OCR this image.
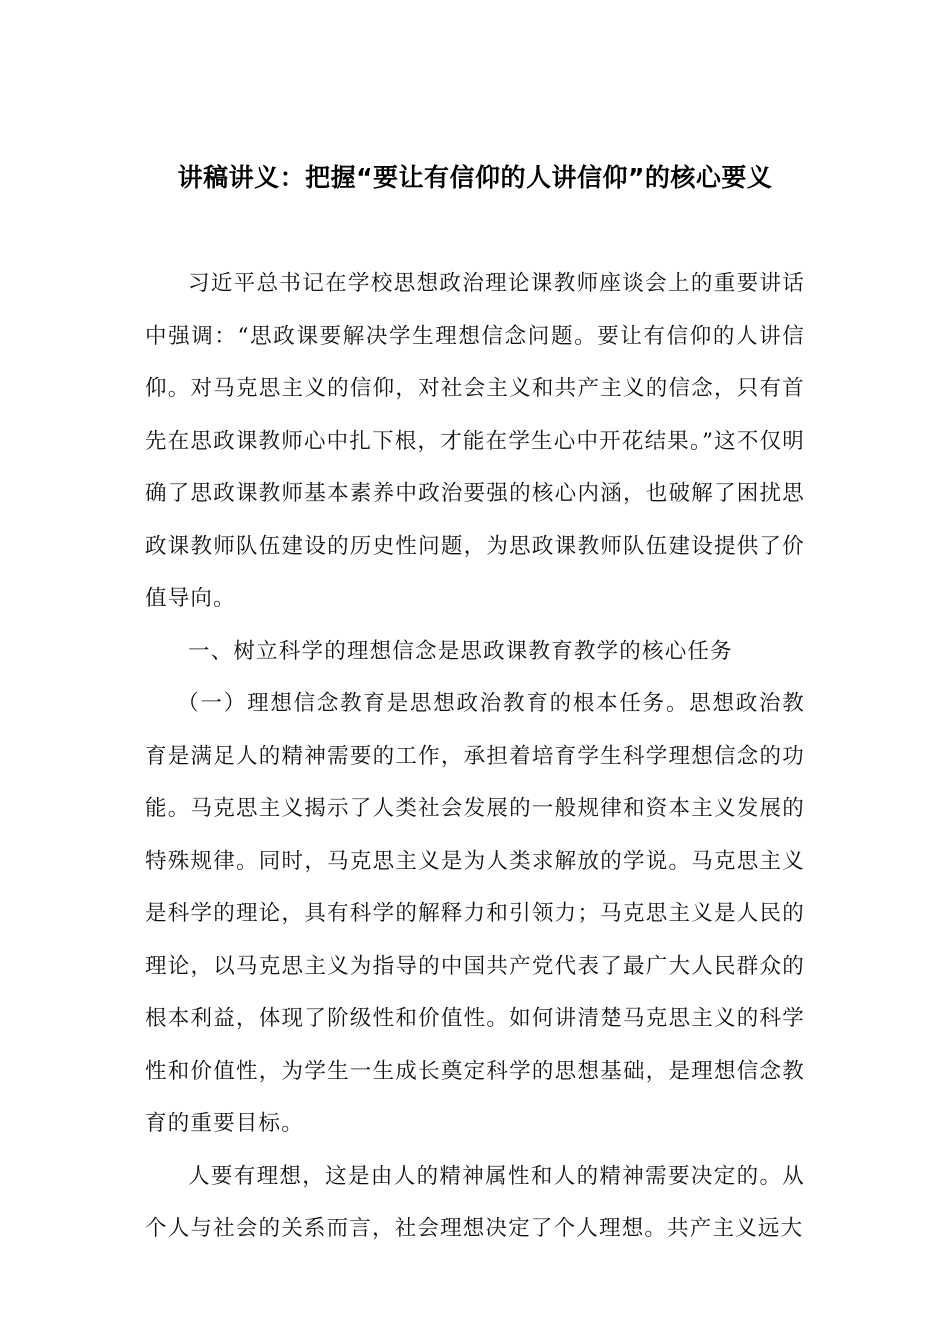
讲稿讲义：把握“要让有信仰的人讲信仰”的核心要义

习近平总书记在学校思想政治理论课教师座谈会上的重要讲话中强调：“思政课要解决学生理想信念问题。要让有信仰的人讲信仰。对马克思主义的信仰，对社会主义和共产主义的信念，只有首先在思政课教师心中扎下根，才能在学生心中开花结果。”这不仅明确了思政课教师基本素养中政治要强的核心内涵，也破解了困扰思政课教师队伍建设的历史性问题，为思政课教师队伍建设提供了价值导向。

一、树立科学的理想信念是思政课教育教学的核心任务

（一）理想信念教育是思想政治教育的根本任务。思想政治教育是满足人的精神需要的工作，承担着培育学生科学理想信念的功能。马克思主义揭示了人类社会发展的一般规律和资本主义发展的特殊规律。同时，马克思主义是为人类求解放的学说。马克思主义是科学的理论，具有科学的解释力和引领力；马克思主义是人民的理论，以马克思主义为指导的中国共产党代表了最广大人民群众的根本利益，体现了阶级性和价值性。如何讲清楚马克思主义的科学性和价值性，为学生一生成长奠定科学的思想基础，是理想信念教育的重要目标。

人要有理想，这是由人的精神属性和人的精神需要决定的。从个人与社会的关系而言，社会理想决定了个人理想。共产主义远大
